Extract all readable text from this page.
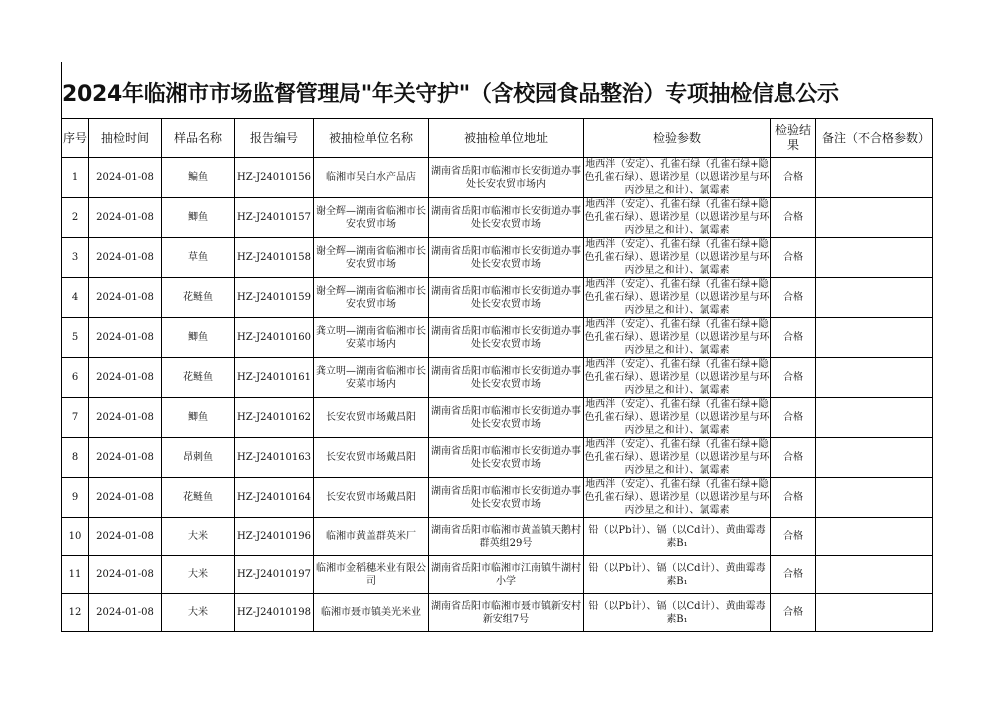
2024年临湘市市场监督管理局"年关守护"（含校园食品整治）专项抽检信息公示
序号	抽检时间	样品名称	报告编号	被抽检单位名称	被抽检单位地址	检验参数	检验结果	备注（不合格参数）
1	2024-01-08	鳊鱼	HZ-J24010156	临湘市吴白水产品店	湖南省岳阳市临湘市长安街道办事处长安农贸市场内	地西泮（安定）、孔雀石绿（孔雀石绿+隐色孔雀石绿）、恩诺沙星（以恩诺沙星与环丙沙星之和计）、氯霉素	合格	
2	2024-01-08	鲫鱼	HZ-J24010157	谢全辉—湖南省临湘市长安农贸市场	湖南省岳阳市临湘市长安街道办事处长安农贸市场	地西泮（安定）、孔雀石绿（孔雀石绿+隐色孔雀石绿）、恩诺沙星（以恩诺沙星与环丙沙星之和计）、氯霉素	合格	
3	2024-01-08	草鱼	HZ-J24010158	谢全辉—湖南省临湘市长安农贸市场	湖南省岳阳市临湘市长安街道办事处长安农贸市场	地西泮（安定）、孔雀石绿（孔雀石绿+隐色孔雀石绿）、恩诺沙星（以恩诺沙星与环丙沙星之和计）、氯霉素	合格	
4	2024-01-08	花鲢鱼	HZ-J24010159	谢全辉—湖南省临湘市长安农贸市场	湖南省岳阳市临湘市长安街道办事处长安农贸市场	地西泮（安定）、孔雀石绿（孔雀石绿+隐色孔雀石绿）、恩诺沙星（以恩诺沙星与环丙沙星之和计）、氯霉素	合格	
5	2024-01-08	鲫鱼	HZ-J24010160	龚立明—湖南省临湘市长安菜市场内	湖南省岳阳市临湘市长安街道办事处长安农贸市场	地西泮（安定）、孔雀石绿（孔雀石绿+隐色孔雀石绿）、恩诺沙星（以恩诺沙星与环丙沙星之和计）、氯霉素	合格	
6	2024-01-08	花鲢鱼	HZ-J24010161	龚立明—湖南省临湘市长安菜市场内	湖南省岳阳市临湘市长安街道办事处长安农贸市场	地西泮（安定）、孔雀石绿（孔雀石绿+隐色孔雀石绿）、恩诺沙星（以恩诺沙星与环丙沙星之和计）、氯霉素	合格	
7	2024-01-08	鲫鱼	HZ-J24010162	长安农贸市场戴昌阳	湖南省岳阳市临湘市长安街道办事处长安农贸市场	地西泮（安定）、孔雀石绿（孔雀石绿+隐色孔雀石绿）、恩诺沙星（以恩诺沙星与环丙沙星之和计）、氯霉素	合格	
8	2024-01-08	昂刺鱼	HZ-J24010163	长安农贸市场戴昌阳	湖南省岳阳市临湘市长安街道办事处长安农贸市场	地西泮（安定）、孔雀石绿（孔雀石绿+隐色孔雀石绿）、恩诺沙星（以恩诺沙星与环丙沙星之和计）、氯霉素	合格	
9	2024-01-08	花鲢鱼	HZ-J24010164	长安农贸市场戴昌阳	湖南省岳阳市临湘市长安街道办事处长安农贸市场	地西泮（安定）、孔雀石绿（孔雀石绿+隐色孔雀石绿）、恩诺沙星（以恩诺沙星与环丙沙星之和计）、氯霉素	合格	
10	2024-01-08	大米	HZ-J24010196	临湘市黄盖群英米厂	湖南省岳阳市临湘市黄盖镇天鹅村群英组29号	铅（以Pb计）、镉（以Cd计）、黄曲霉毒素B₁	合格	
11	2024-01-08	大米	HZ-J24010197	临湘市金稻穗米业有限公司	湖南省岳阳市临湘市江南镇牛湖村小学	铅（以Pb计）、镉（以Cd计）、黄曲霉毒素B₁	合格	
12	2024-01-08	大米	HZ-J24010198	临湘市聂市镇美光米业	湖南省岳阳市临湘市聂市镇新安村新安组7号	铅（以Pb计）、镉（以Cd计）、黄曲霉毒素B₁	合格	
